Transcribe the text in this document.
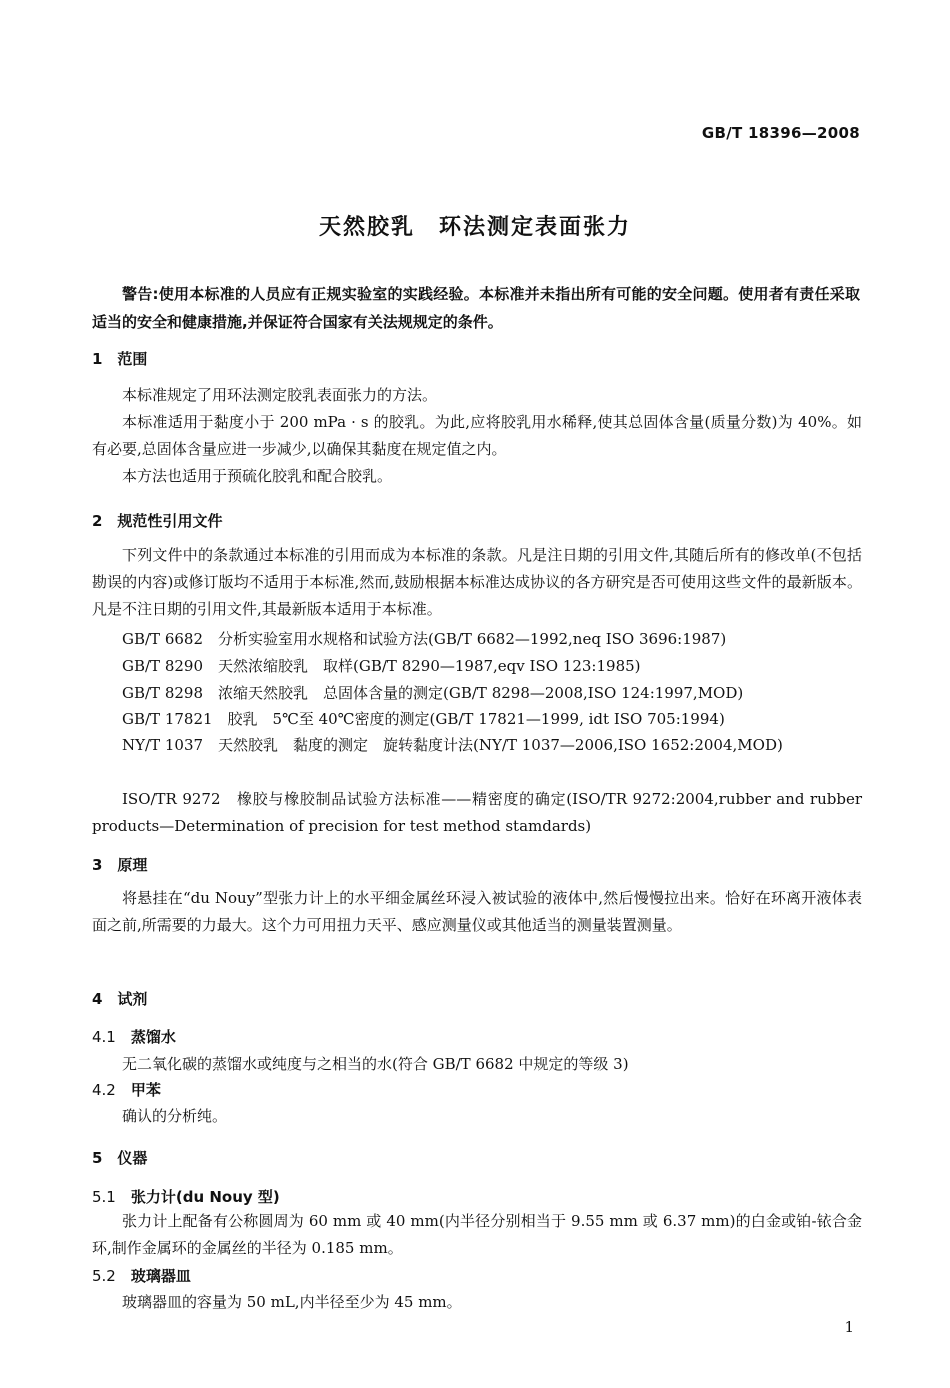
GB/T 18396—2008
天然胶乳　环法测定表面张力
警告:使用本标准的人员应有正规实验室的实践经验。本标准并未指出所有可能的安全问题。使用者有责任采取适当的安全和健康措施,并保证符合国家有关法规规定的条件。
1　范围
本标准规定了用环法测定胶乳表面张力的方法。
本标准适用于黏度小于 200 mPa · s 的胶乳。为此,应将胶乳用水稀释,使其总固体含量(质量分数)为 40%。如有必要,总固体含量应进一步减少,以确保其黏度在规定值之内。
本方法也适用于预硫化胶乳和配合胶乳。
2　规范性引用文件
下列文件中的条款通过本标准的引用而成为本标准的条款。凡是注日期的引用文件,其随后所有的修改单(不包括勘误的内容)或修订版均不适用于本标准,然而,鼓励根据本标准达成协议的各方研究是否可使用这些文件的最新版本。凡是不注日期的引用文件,其最新版本适用于本标准。
GB/T 6682　分析实验室用水规格和试验方法(GB/T 6682—1992,neq ISO 3696:1987)
GB/T 8290　天然浓缩胶乳　取样(GB/T 8290—1987,eqv ISO 123:1985)
GB/T 8298　浓缩天然胶乳　总固体含量的测定(GB/T 8298—2008,ISO 124:1997,MOD)
GB/T 17821　胶乳　5℃至 40℃密度的测定(GB/T 17821—1999, idt ISO 705:1994)
NY/T 1037　天然胶乳　黏度的测定　旋转黏度计法(NY/T 1037—2006,ISO 1652:2004,MOD)
ISO/TR 9272　橡胶与橡胶制品试验方法标准——精密度的确定(ISO/TR 9272:2004,rubber and rubber products—Determination of precision for test method stamdards)
3　原理
将悬挂在“du Nouy”型张力计上的水平细金属丝环浸入被试验的液体中,然后慢慢拉出来。恰好在环离开液体表面之前,所需要的力最大。这个力可用扭力天平、感应测量仪或其他适当的测量装置测量。
4　试剂
4.1　蒸馏水
无二氧化碳的蒸馏水或纯度与之相当的水(符合 GB/T 6682 中规定的等级 3)
4.2　甲苯
确认的分析纯。
5　仪器
5.1　张力计(du Nouy 型)
张力计上配备有公称圆周为 60 mm 或 40 mm(内半径分别相当于 9.55 mm 或 6.37 mm)的白金或铂-铱合金环,制作金属环的金属丝的半径为 0.185 mm。
5.2　玻璃器皿
玻璃器皿的容量为 50 mL,内半径至少为 45 mm。
1
